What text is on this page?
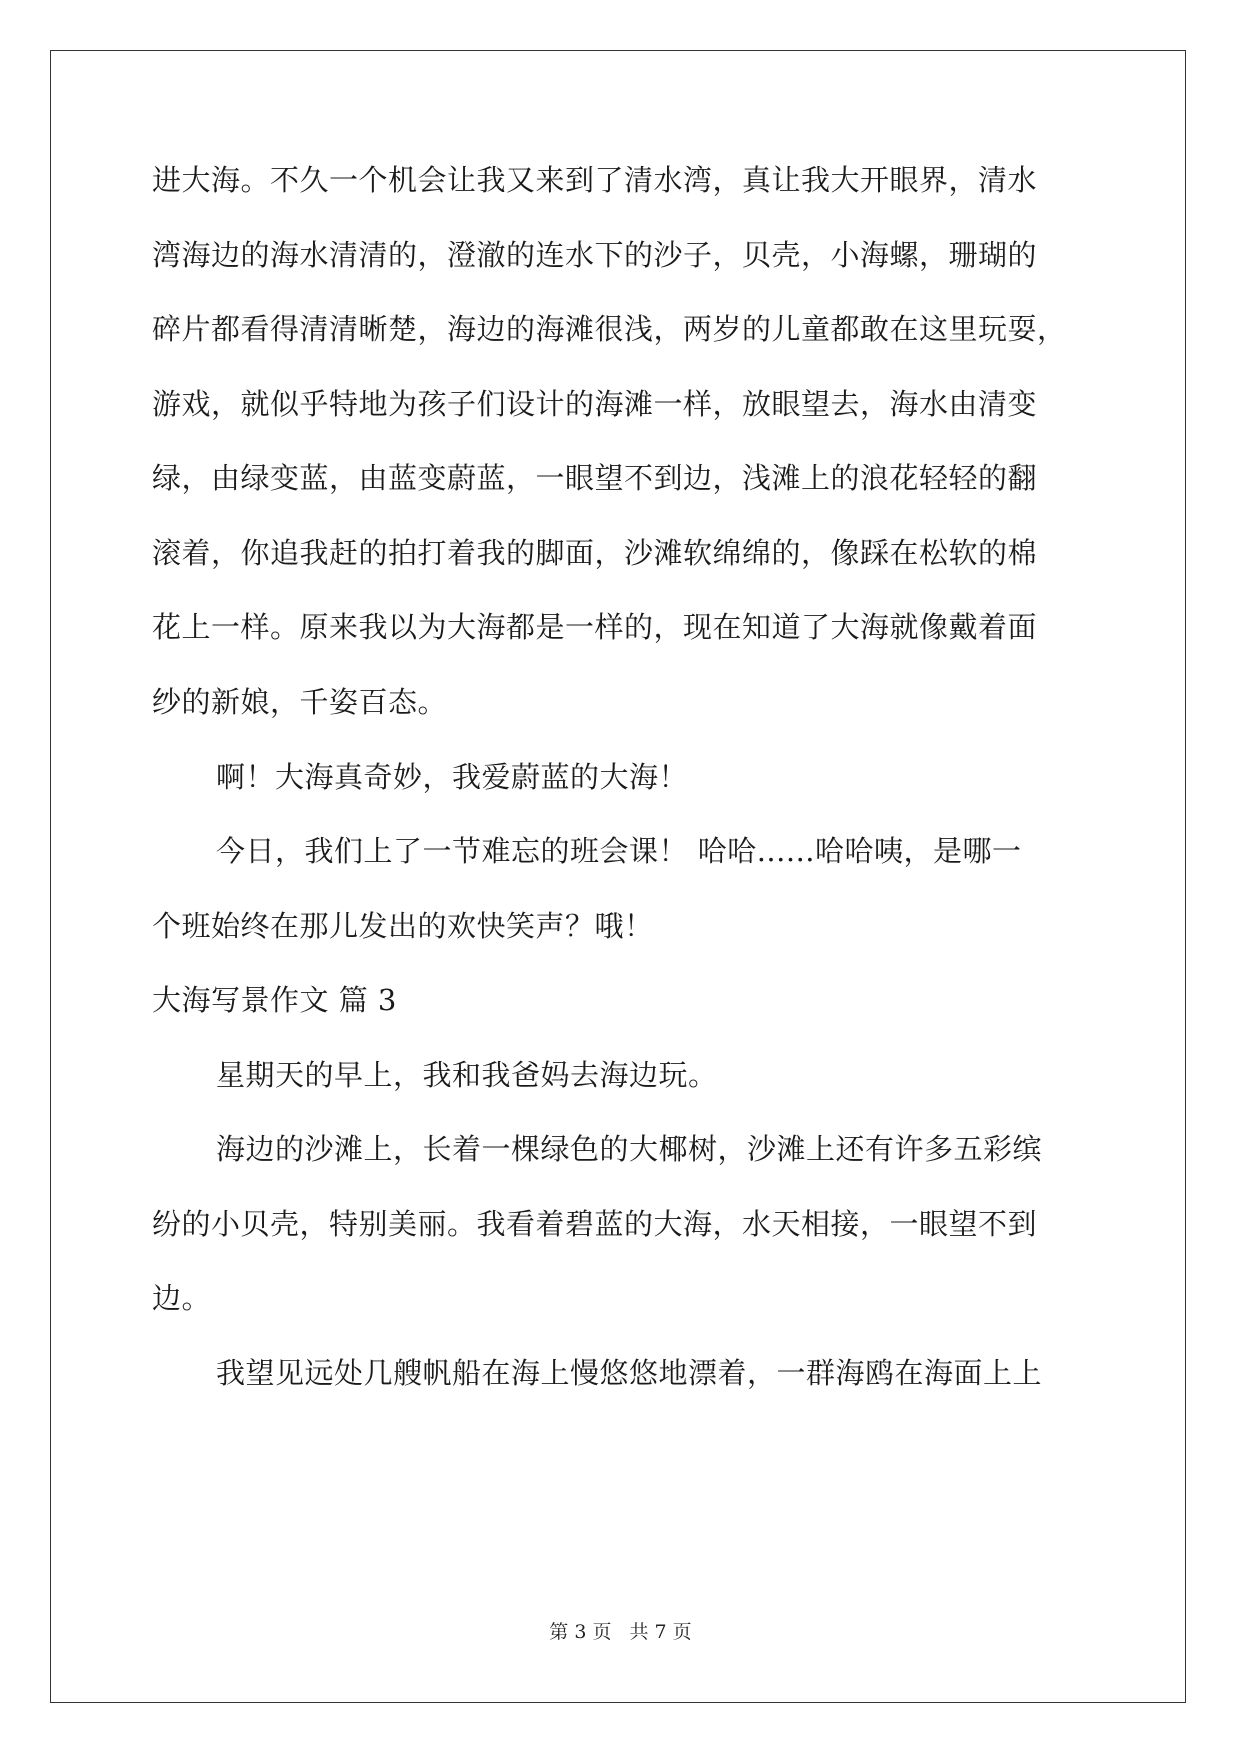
进大海。不久一个机会让我又来到了清水湾，真让我大开眼界，清水
湾海边的海水清清的，澄澈的连水下的沙子，贝壳，小海螺，珊瑚的
碎片都看得清清晰楚，海边的海滩很浅，两岁的儿童都敢在这里玩耍，
游戏，就似乎特地为孩子们设计的海滩一样，放眼望去，海水由清变
绿，由绿变蓝，由蓝变蔚蓝，一眼望不到边，浅滩上的浪花轻轻的翻
滚着，你追我赶的拍打着我的脚面，沙滩软绵绵的，像踩在松软的棉
花上一样。原来我以为大海都是一样的，现在知道了大海就像戴着面
纱的新娘，千姿百态。
啊！大海真奇妙，我爱蔚蓝的大海！
今日，我们上了一节难忘的班会课！ 哈哈......哈哈咦，是哪一
个班始终在那儿发出的欢快笑声？哦！
大海写景作文 篇 3
星期天的早上，我和我爸妈去海边玩。
海边的沙滩上，长着一棵绿色的大椰树，沙滩上还有许多五彩缤
纷的小贝壳，特别美丽。我看着碧蓝的大海，水天相接，一眼望不到
边。
我望见远处几艘帆船在海上慢悠悠地漂着，一群海鸥在海面上上
第 3 页 共 7 页
